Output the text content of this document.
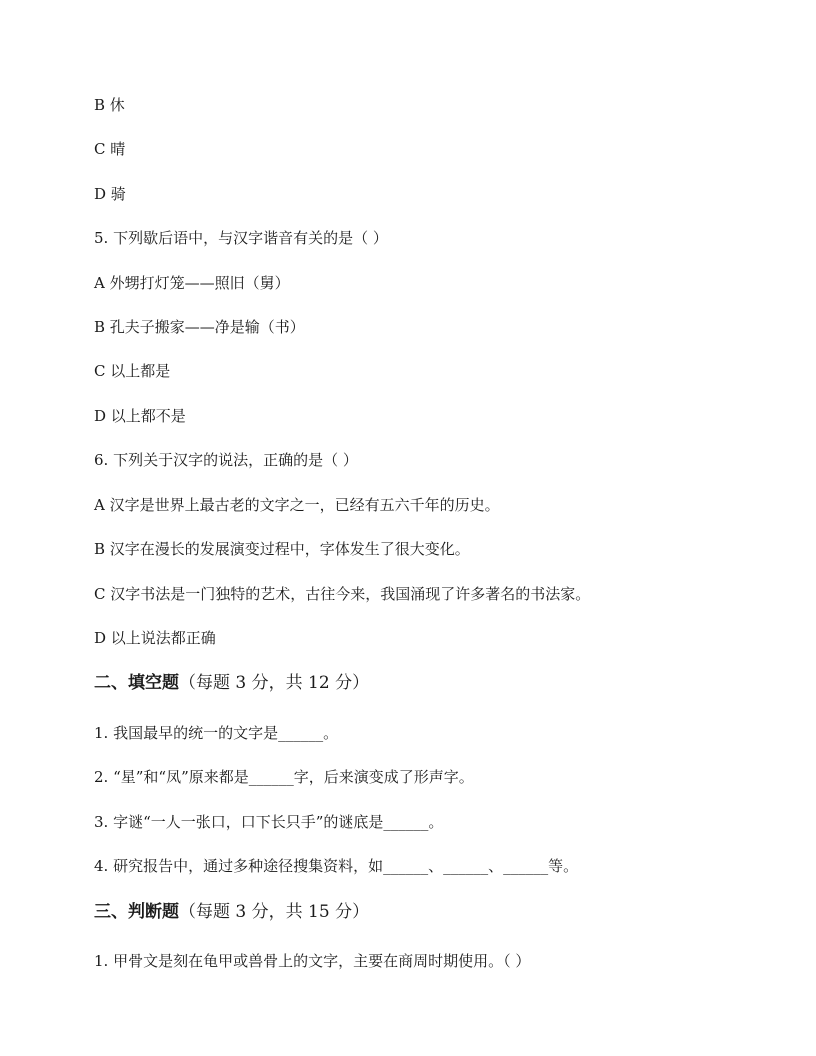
B 休
C 晴
D 骑
5. 下列歇后语中，与汉字谐音有关的是（ ）
A 外甥打灯笼——照旧（舅）
B 孔夫子搬家——净是输（书）
C 以上都是
D 以上都不是
6. 下列关于汉字的说法，正确的是（ ）
A 汉字是世界上最古老的文字之一，已经有五六千年的历史。
B 汉字在漫长的发展演变过程中，字体发生了很大变化。
C 汉字书法是一门独特的艺术，古往今来，我国涌现了许多著名的书法家。
D 以上说法都正确
二、填空题（每题 3 分，共 12 分）
1. 我国最早的统一的文字是______。
2. “星”和“凤”原来都是______字，后来演变成了形声字。
3. 字谜“一人一张口，口下长只手”的谜底是______。
4. 研究报告中，通过多种途径搜集资料，如______、______、______等。
三、判断题（每题 3 分，共 15 分）
1. 甲骨文是刻在龟甲或兽骨上的文字，主要在商周时期使用。（ ）
